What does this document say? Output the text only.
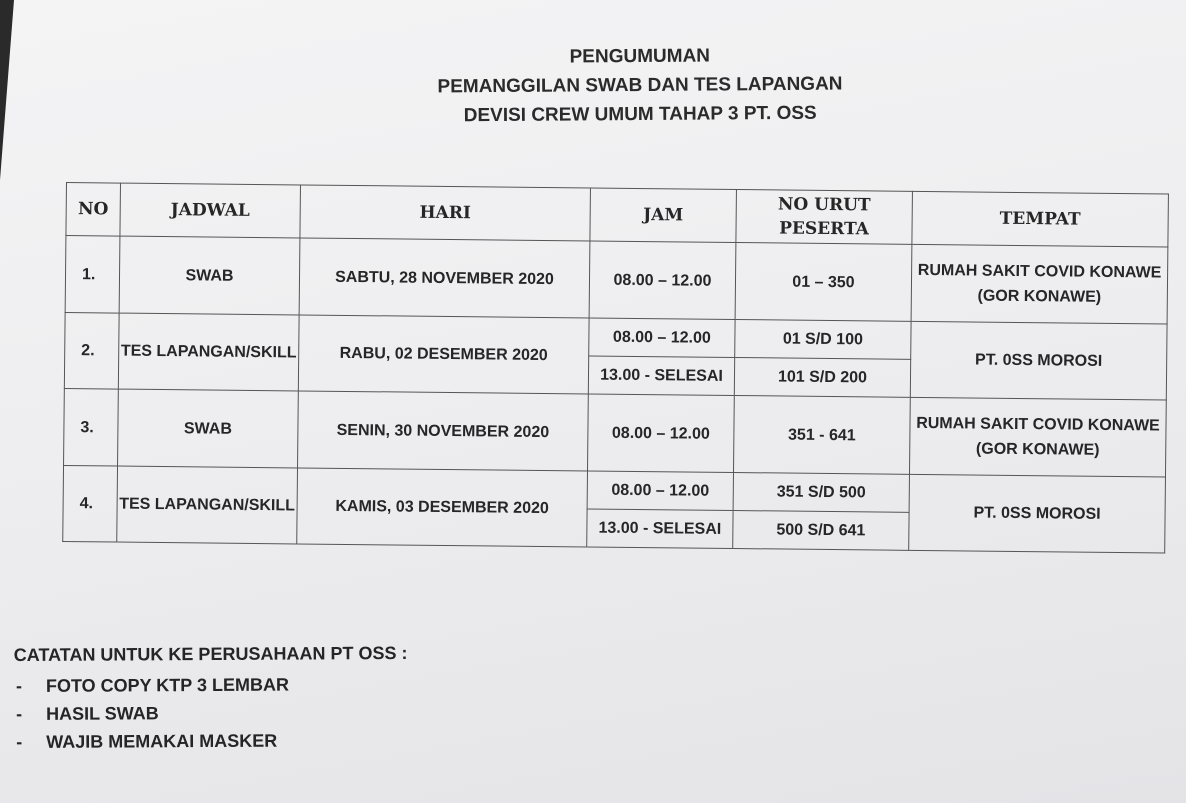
PENGUMUMAN
PEMANGGILAN SWAB DAN TES LAPANGAN
DEVISI CREW UMUM TAHAP 3 PT. OSS
NO	JADWAL	HARI	JAM	NO URUT PESERTA	TEMPAT
1.	SWAB	SABTU, 28 NOVEMBER 2020	08.00 – 12.00	01 – 350	RUMAH SAKIT COVID KONAWE (GOR KONAWE)
2.	TES LAPANGAN/SKILL	RABU, 02 DESEMBER 2020	08.00 – 12.00	01 S/D 100	PT. 0SS MOROSI
			13.00 - SELESAI	101 S/D 200	
3.	SWAB	SENIN, 30 NOVEMBER 2020	08.00 – 12.00	351 - 641	RUMAH SAKIT COVID KONAWE (GOR KONAWE)
4.	TES LAPANGAN/SKILL	KAMIS, 03 DESEMBER 2020	08.00 – 12.00	351 S/D 500	PT. 0SS MOROSI
			13.00 - SELESAI	500 S/D 641	
CATATAN UNTUK KE PERUSAHAAN PT OSS :
-	FOTO COPY KTP 3 LEMBAR
-	HASIL SWAB
-	WAJIB MEMAKAI MASKER
